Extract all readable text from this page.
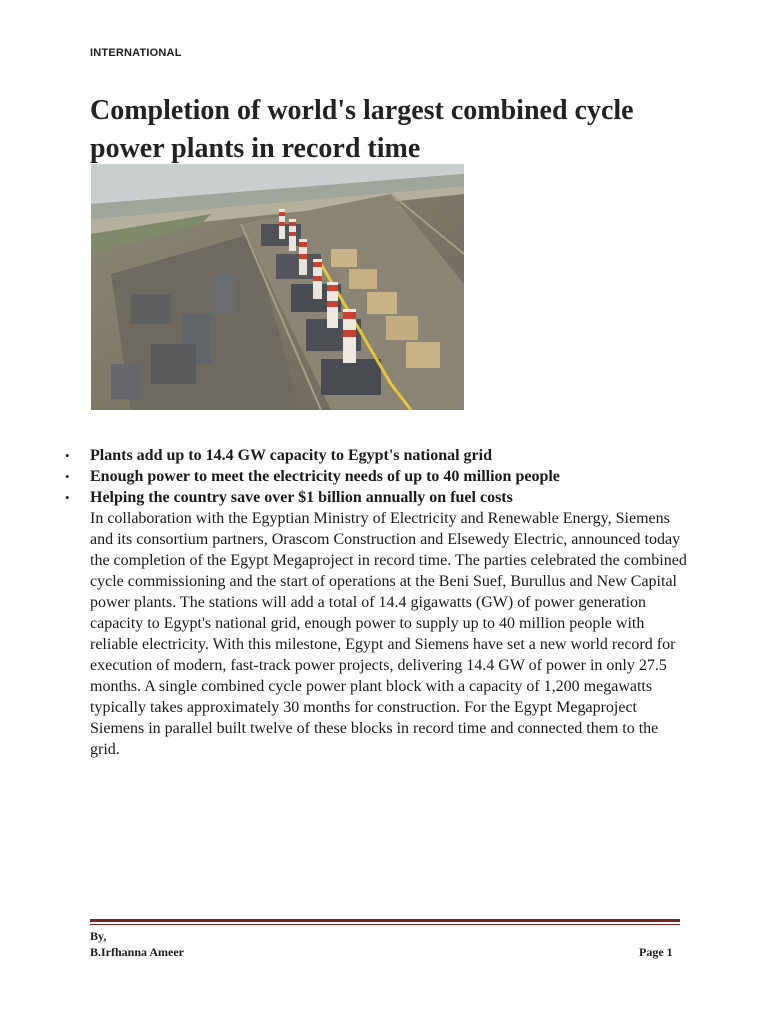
INTERNATIONAL
Completion of world's largest combined cycle power plants in record time
• Plants add up to 14.4 GW capacity to Egypt's national grid
• Enough power to meet the electricity needs of up to 40 million people
• Helping the country save over $1 billion annually on fuel costs

In collaboration with the Egyptian Ministry of Electricity and Renewable Energy, Siemens and its consortium partners, Orascom Construction and Elsewedy Electric, announced today the completion of the Egypt Megaproject in record time. The parties celebrated the combined cycle commissioning and the start of operations at the Beni Suef, Burullus and New Capital power plants. The stations will add a total of 14.4 gigawatts (GW) of power generation capacity to Egypt's national grid, enough power to supply up to 40 million people with reliable electricity. With this milestone, Egypt and Siemens have set a new world record for execution of modern, fast-track power projects, delivering 14.4 GW of power in only 27.5 months. A single combined cycle power plant block with a capacity of 1,200 megawatts typically takes approximately 30 months for construction. For the Egypt Megaproject Siemens in parallel built twelve of these blocks in record time and connected them to the grid.

By,
B.Irfhanna Ameer	Page 1
